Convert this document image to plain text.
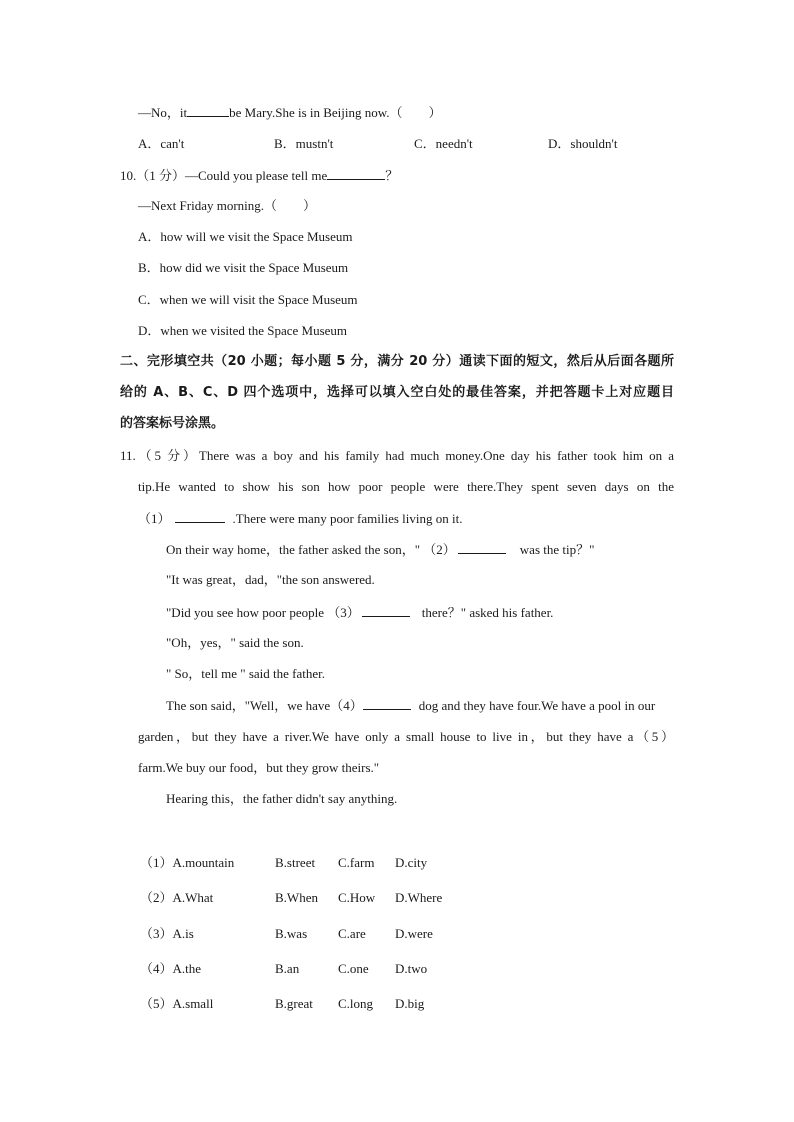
—No，it	be Mary.She is in Beijing now.（　　）
A．can't	B．mustn't	C．needn't	D．shouldn't
10.（1 分）—Could you please tell me	？
—Next Friday morning.（　　）
A．how will we visit the Space Museum
B．how did we visit the Space Museum
C．when we will visit the Space Museum
D．when we visited the Space Museum
二、完形填空共（20 小题；每小题 5 分，满分 20 分）通读下面的短文，然后从后面各题所
给的 A、B、C、D 四个选项中，选择可以填入空白处的最佳答案，并把答题卡上对应题目
的答案标号涂黑。
11.（5 分）There was a boy and his family had much money.One day his father took him on a
tip.He wanted to show his son how poor people were there.They spent seven days on the
（1）	.There were many poor families living on it.
On their way home，the father asked the son，" （2）	was the tip？"
"It was great，dad，"the son answered.
"Did you see how poor people （3）	there？" asked his father.
"Oh，yes，" said the son.
" So，tell me " said the father.
The son said，"Well，we have（4）	dog and they have four.We have a pool in our
garden，but they have a river.We have only a small house to live in，but they have a（5）
farm.We buy our food，but they grow theirs."
Hearing this，the father didn't say anything.
（1）A.mountain	B.street C.farm D.city
（2）A.What	B.When C.How D.Where
（3）A.is	B.was C.are D.were
（4）A.the	B.an	C.one D.two
（5）A.small	B.great C.long D.big
